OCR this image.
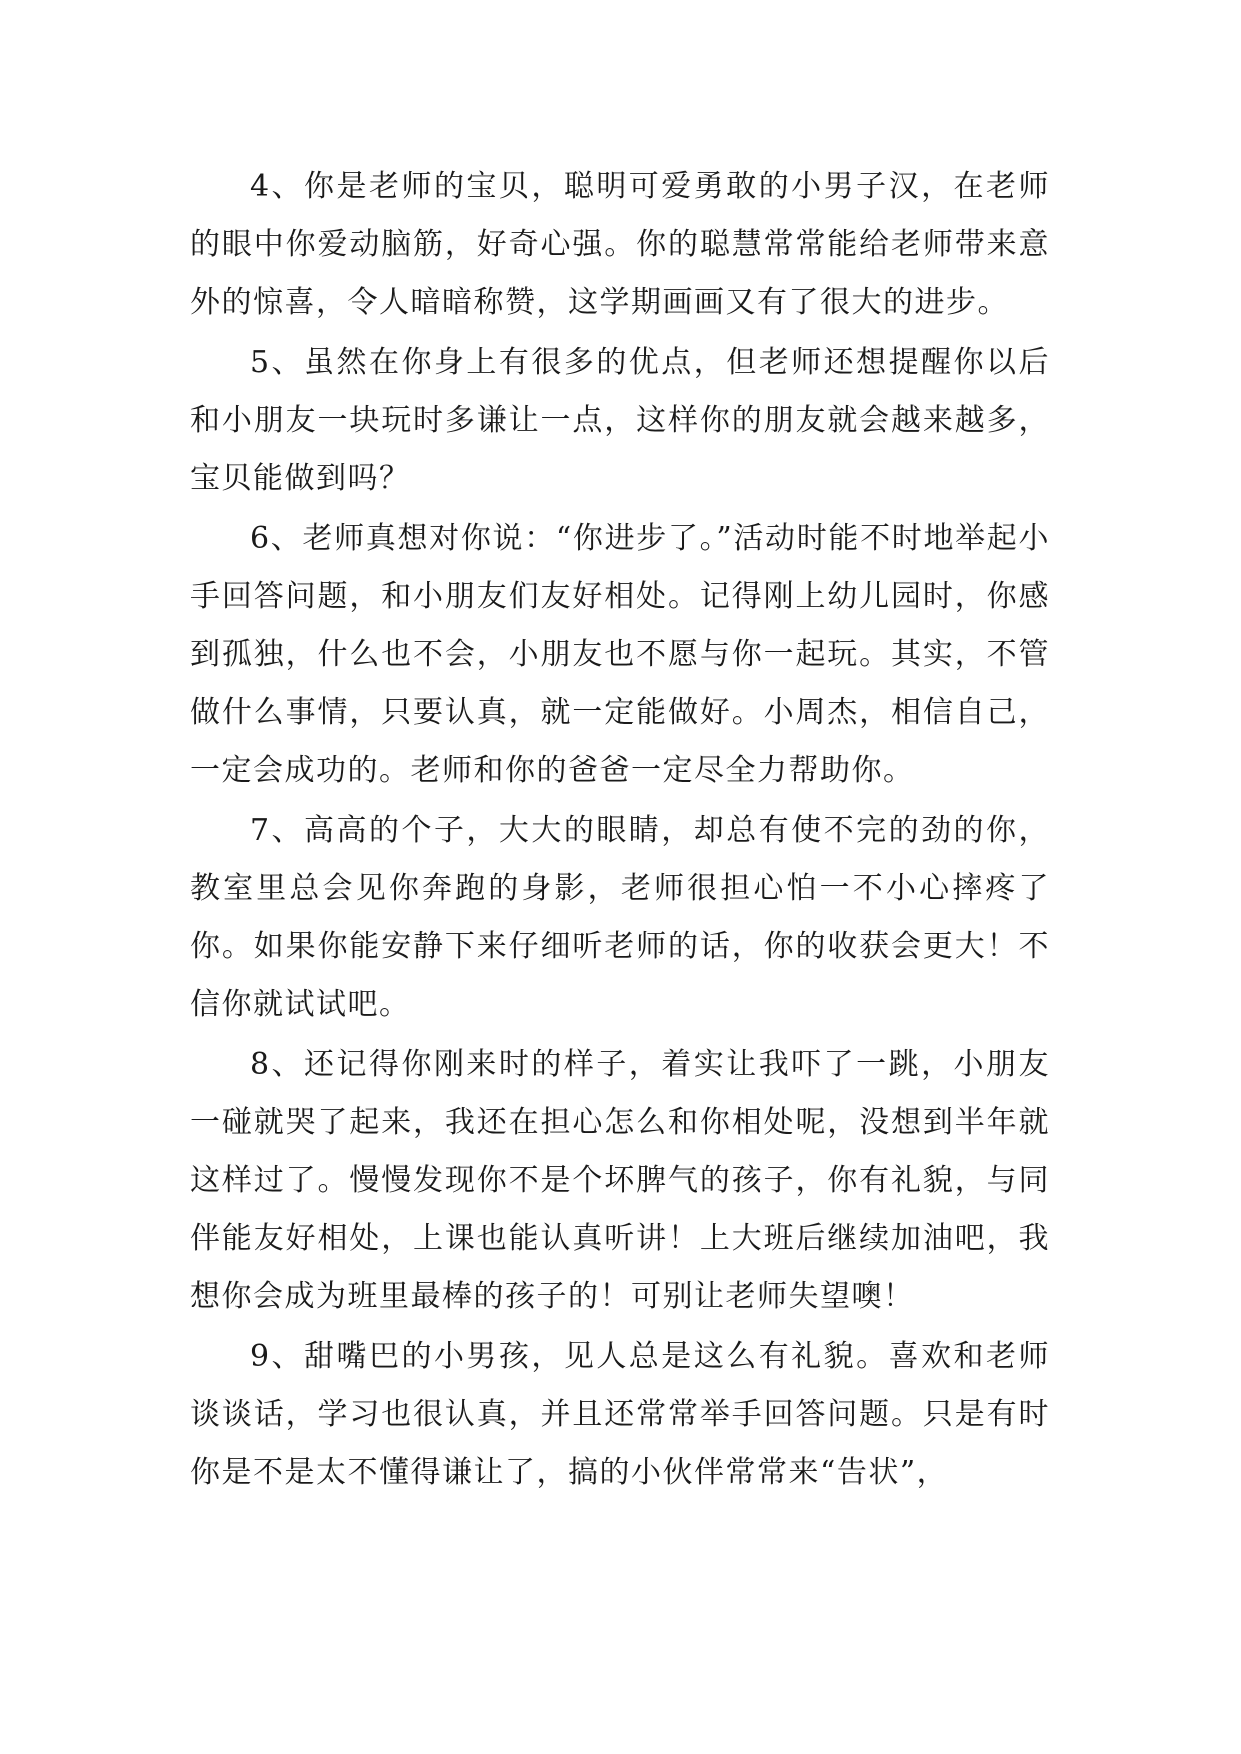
4、你是老师的宝贝，聪明可爱勇敢的小男子汉，在老师的眼中你爱动脑筋，好奇心强。你的聪慧常常能给老师带来意外的惊喜，令人暗暗称赞，这学期画画又有了很大的进步。

5、虽然在你身上有很多的优点，但老师还想提醒你以后和小朋友一块玩时多谦让一点，这样你的朋友就会越来越多，宝贝能做到吗？

6、老师真想对你说：“你进步了。”活动时能不时地举起小手回答问题，和小朋友们友好相处。记得刚上幼儿园时，你感到孤独，什么也不会，小朋友也不愿与你一起玩。其实，不管做什么事情，只要认真，就一定能做好。小周杰，相信自己，一定会成功的。老师和你的爸爸一定尽全力帮助你。

7、高高的个子，大大的眼睛，却总有使不完的劲的你，教室里总会见你奔跑的身影，老师很担心怕一不小心摔疼了你。如果你能安静下来仔细听老师的话，你的收获会更大！不信你就试试吧。

8、还记得你刚来时的样子，着实让我吓了一跳，小朋友一碰就哭了起来，我还在担心怎么和你相处呢，没想到半年就这样过了。慢慢发现你不是个坏脾气的孩子，你有礼貌，与同伴能友好相处，上课也能认真听讲！上大班后继续加油吧，我想你会成为班里最棒的孩子的！可别让老师失望噢！

9、甜嘴巴的小男孩，见人总是这么有礼貌。喜欢和老师谈谈话，学习也很认真，并且还常常举手回答问题。只是有时你是不是太不懂得谦让了，搞的小伙伴常常来“告状”，
